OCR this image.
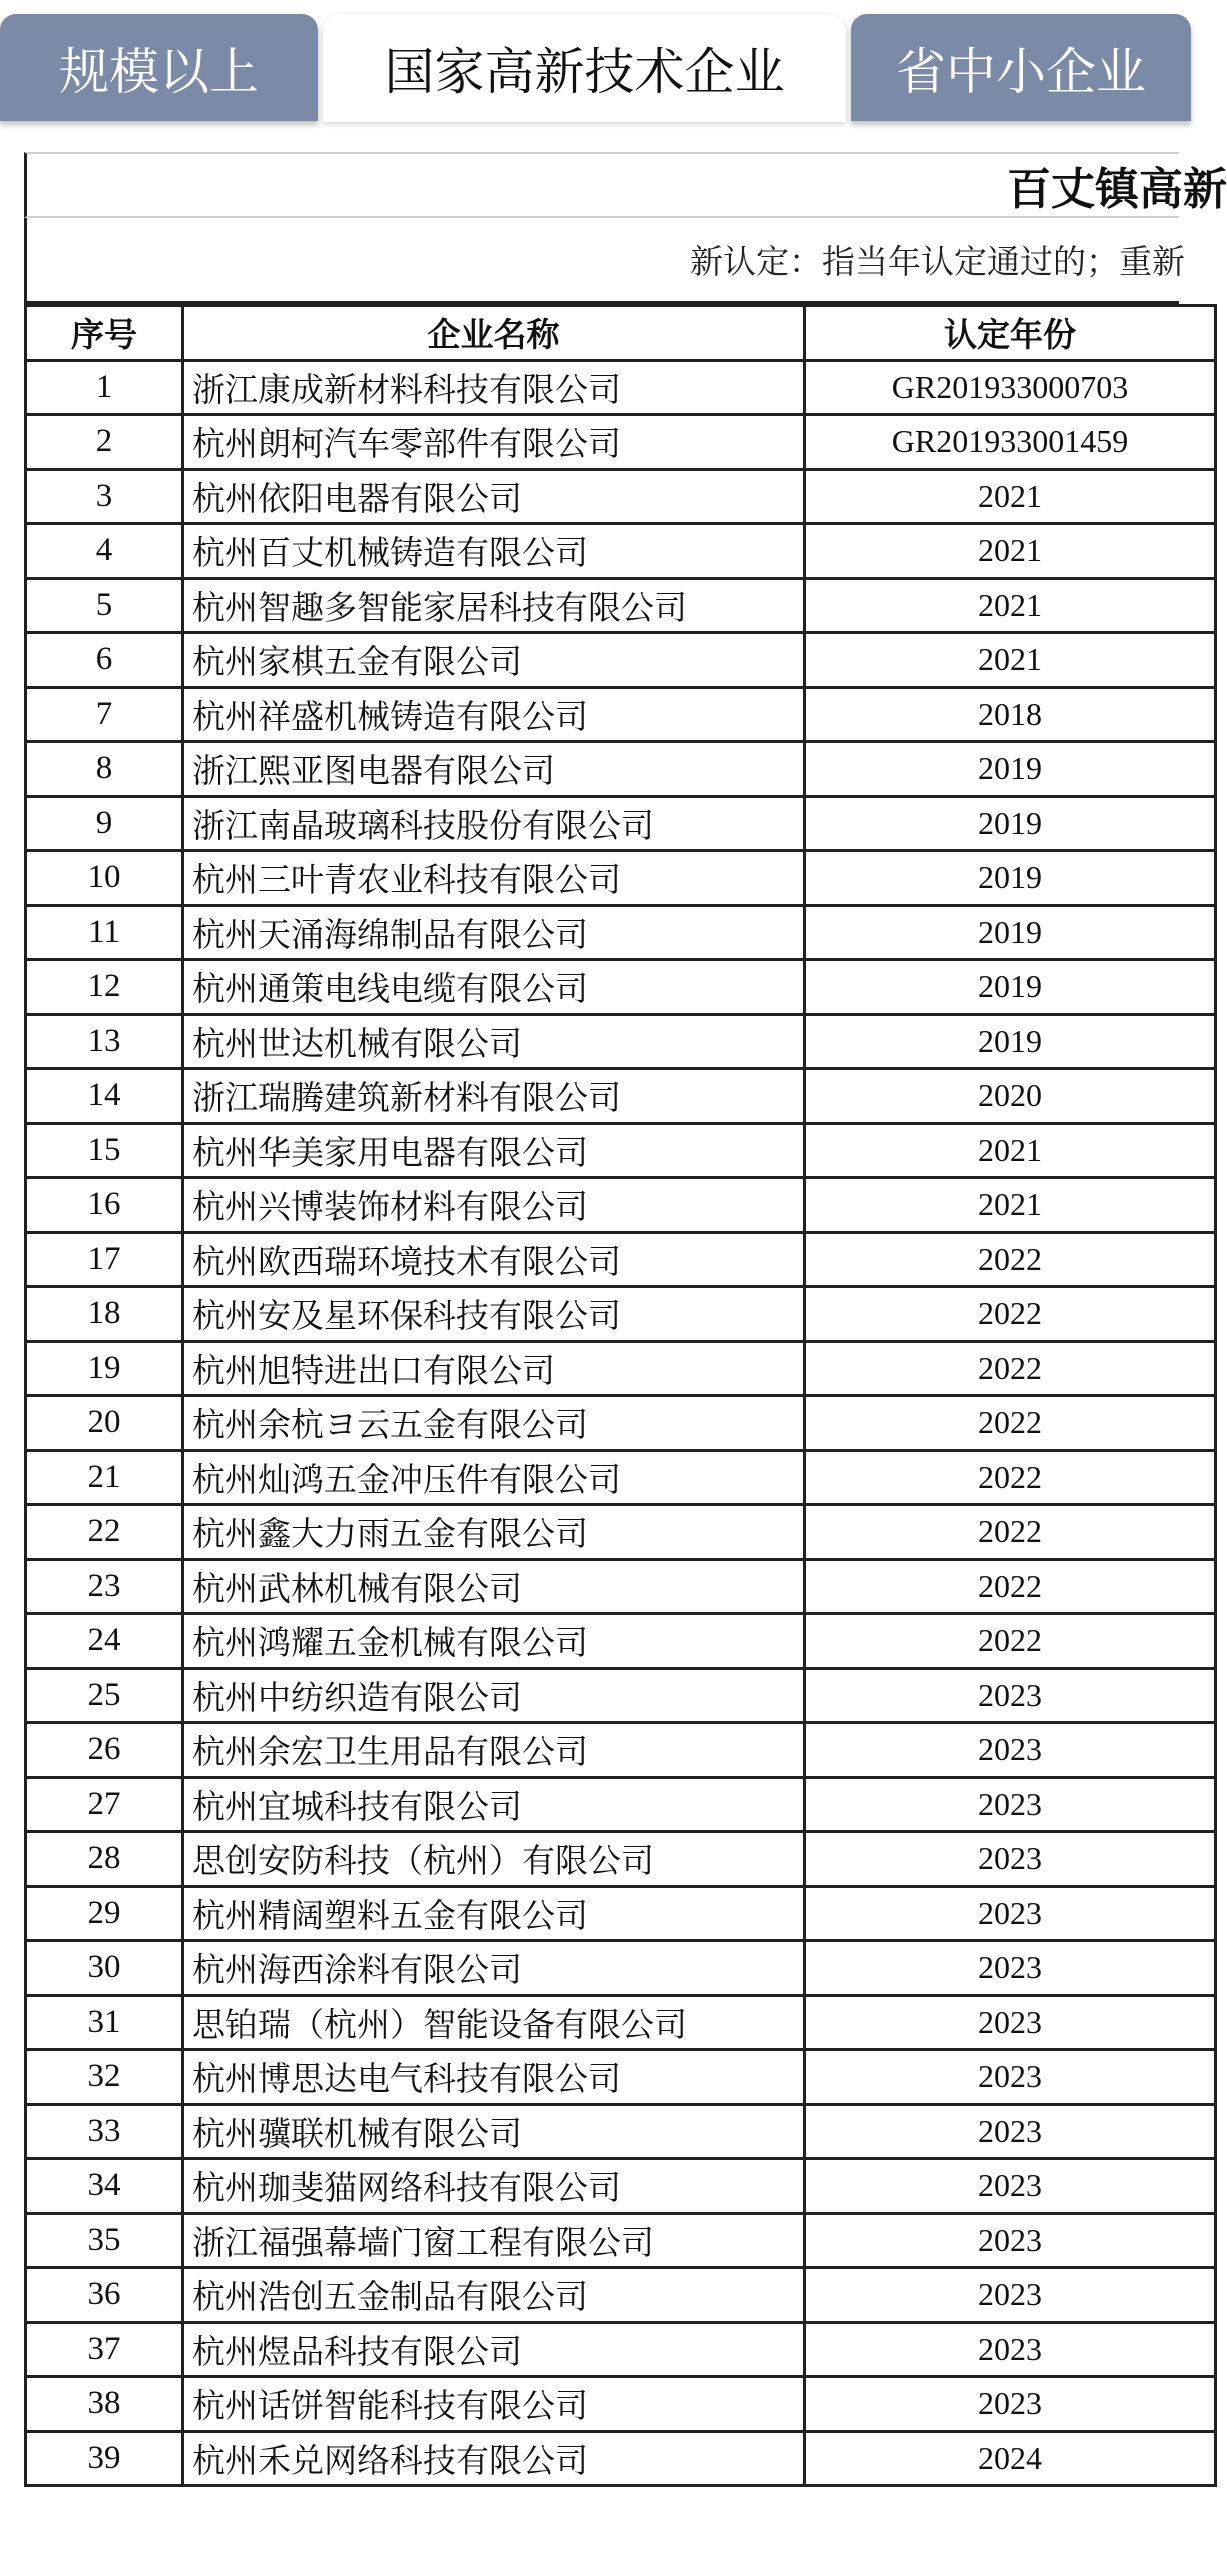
规模以上	国家高新技术企业	省中小企业
百丈镇高新
新认定：指当年认定通过的；重新
序号	企业名称	认定年份
1	浙江康成新材料科技有限公司	GR201933000703
2	杭州朗柯汽车零部件有限公司	GR201933001459
3	杭州依阳电器有限公司	2021
4	杭州百丈机械铸造有限公司	2021
5	杭州智趣多智能家居科技有限公司	2021
6	杭州家棋五金有限公司	2021
7	杭州祥盛机械铸造有限公司	2018
8	浙江熙亚图电器有限公司	2019
9	浙江南晶玻璃科技股份有限公司	2019
10	杭州三叶青农业科技有限公司	2019
11	杭州天涌海绵制品有限公司	2019
12	杭州通策电线电缆有限公司	2019
13	杭州世达机械有限公司	2019
14	浙江瑞腾建筑新材料有限公司	2020
15	杭州华美家用电器有限公司	2021
16	杭州兴博装饰材料有限公司	2021
17	杭州欧西瑞环境技术有限公司	2022
18	杭州安及星环保科技有限公司	2022
19	杭州旭特进出口有限公司	2022
20	杭州余杭ヨ云五金有限公司	2022
21	杭州灿鸿五金冲压件有限公司	2022
22	杭州鑫大力雨五金有限公司	2022
23	杭州武林机械有限公司	2022
24	杭州鸿耀五金机械有限公司	2022
25	杭州中纺织造有限公司	2023
26	杭州余宏卫生用品有限公司	2023
27	杭州宜城科技有限公司	2023
28	思创安防科技（杭州）有限公司	2023
29	杭州精阔塑料五金有限公司	2023
30	杭州海西涂料有限公司	2023
31	思铂瑞（杭州）智能设备有限公司	2023
32	杭州博思达电气科技有限公司	2023
33	杭州骥联机械有限公司	2023
34	杭州珈斐猫网络科技有限公司	2023
35	浙江福强幕墙门窗工程有限公司	2023
36	杭州浩创五金制品有限公司	2023
37	杭州煜品科技有限公司	2023
38	杭州话饼智能科技有限公司	2023
39	杭州禾兑网络科技有限公司	2024
